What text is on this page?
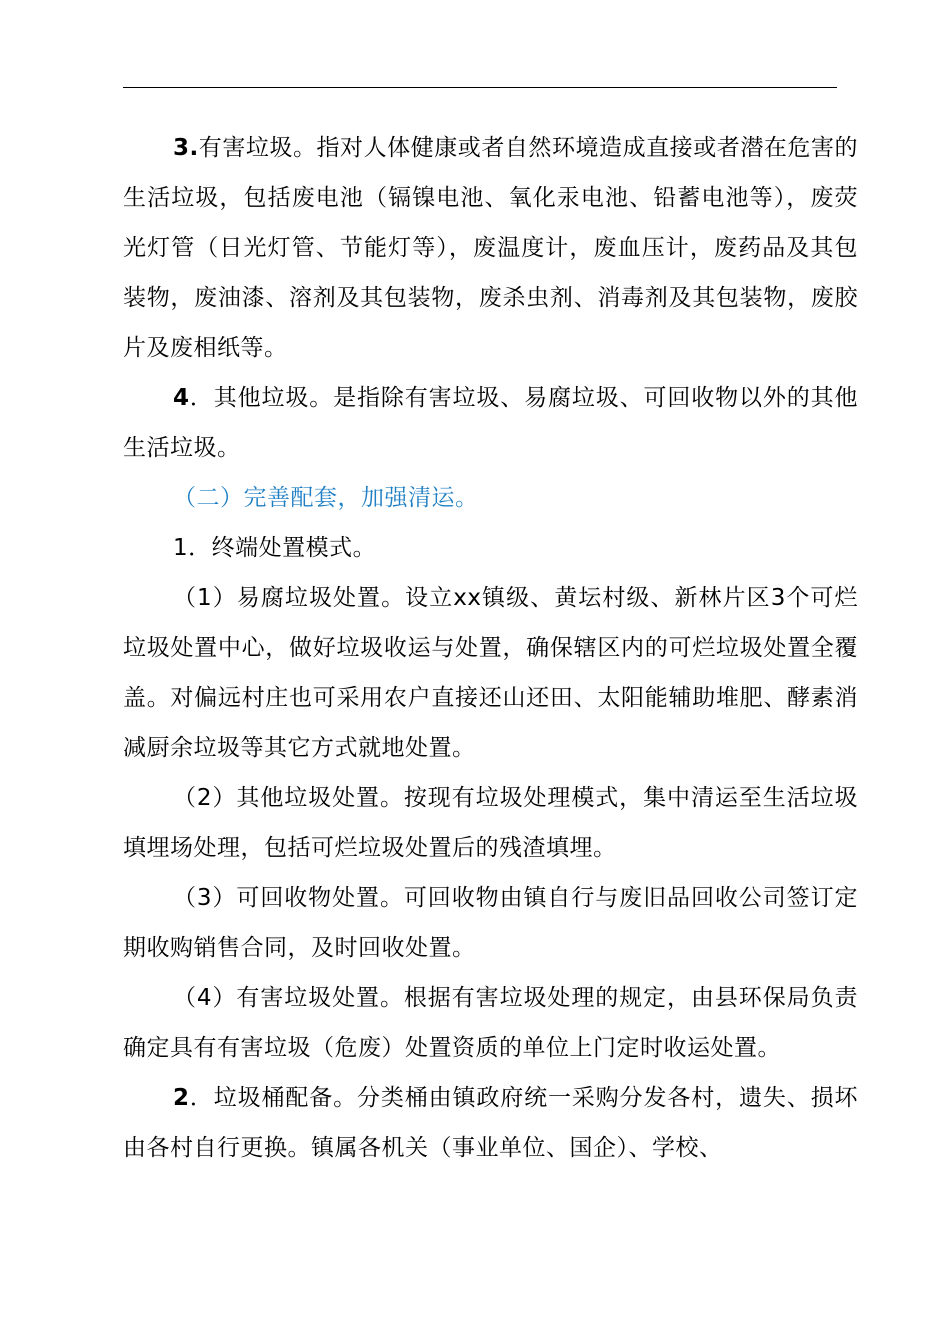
3.有害垃圾。指对人体健康或者自然环境造成直接或者潜在危害的生活垃圾，包括废电池（镉镍电池、氧化汞电池、铅蓄电池等），废荧光灯管（日光灯管、节能灯等），废温度计，废血压计，废药品及其包装物，废油漆、溶剂及其包装物，废杀虫剂、消毒剂及其包装物，废胶片及废相纸等。

4．其他垃圾。是指除有害垃圾、易腐垃圾、可回收物以外的其他生活垃圾。

（二）完善配套，加强清运。

1．终端处置模式。

（1）易腐垃圾处置。设立xx镇级、黄坛村级、新林片区3个可烂垃圾处置中心，做好垃圾收运与处置，确保辖区内的可烂垃圾处置全覆盖。对偏远村庄也可采用农户直接还山还田、太阳能辅助堆肥、酵素消减厨余垃圾等其它方式就地处置。

（2）其他垃圾处置。按现有垃圾处理模式，集中清运至生活垃圾填埋场处理，包括可烂垃圾处置后的残渣填埋。

（3）可回收物处置。可回收物由镇自行与废旧品回收公司签订定期收购销售合同，及时回收处置。

（4）有害垃圾处置。根据有害垃圾处理的规定，由县环保局负责确定具有有害垃圾（危废）处置资质的单位上门定时收运处置。

2．垃圾桶配备。分类桶由镇政府统一采购分发各村，遗失、损坏由各村自行更换。镇属各机关（事业单位、国企）、学校、
